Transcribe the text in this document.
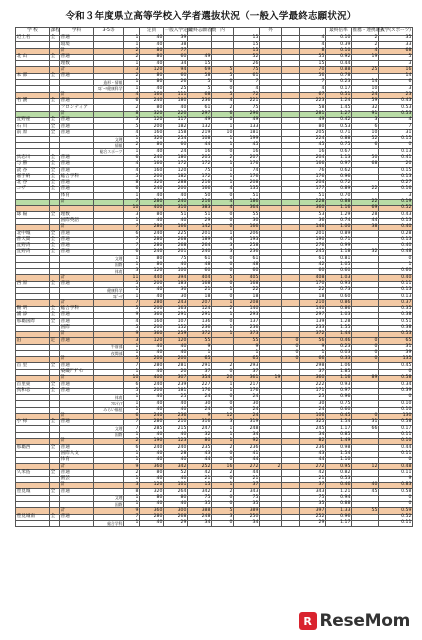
令和３年度県立高等学校入学者選抜状況（一般入学最終志願状況）
学 校	課程	学科	3-5等		定員	一般入学定員	最終志願者数	内		外			最終倍率	推薦・連携選抜	入学(スポーツ)
辺土名	全	普通		1	40	39			15			4	0.10	2	35
		環境		1	40	38			15			4	0.39	2	33
		計		2	80	77			15			8	0.10	4	68
北 山	全	普通		2	80	60	49		52			55	0.92	19	5
		理数		1	40	34	15		26			15	0.44		3
		計		3	120	94	69	5	75			70	0.88	25	16
本 部	全	普通		2	80	60	58	5	61			56	0.78		14
			造形・情報	1	80	26	5	0	7			7	0.23	14	6
			ｽﾎﾟｰﾂ健康科学	1	40	25	5	0	4			4	0.17	10	3
		計		4	160	111	68	5	72			67	0.51	24	23
名 護	全	普通		6	240	180	236	4	221			223	1.24	59	0.43
		フロンティア		2	80	40	61	2	75			58	1.45	32	0.53
		計		8	320	220	297	6	296			281	1.27	91	0.53
宜野座	全	普通		3	120	117	49	0	49			49	0.42	3	4
石 川	全	普通		5	200	182	132	1	133			80	0.53	6	7
前 原	全	普通		4	160	158	219	10	181			205	0.71	10	31
			文理	1	320	254	108	1	199			224	0.88	52	0.15
			情報	2	80	60	44	1	45			45	0.75	6	0
			総合スポーツ	1	40	24	16	0	16			16	0.67		0.13
具志川	全	普通		6	240	180	205	2	207			204	1.13	50	0.41
与 勝	全	普通		4	160	172	172	1	176			166	0.97	68	20
読 谷	全	普通		4	160	120	75	1	74			76	0.62		0.15
嘉手納	全	総合学科		5	200	182	172	1	176			176	0.96		0.13
北 谷	全	普通		8	320	288	216	1	208			204	0.72		0.27
コザ	全	普通		6	240	200	166	4	135			177	0.89	22	0.16
		体育		1	40	40	50	0	51			51	0.70		3
		計		7	280	240	216	4	186			228	0.88	22	0.19
				10	400	310	383	4	364			360	1.16	69	0.52
球 陽	全	理数		3	80	51	51	0	55			53	1.29	28	0.43
		国際英語		1	40	40	29	0	30			36	0.74	44	0.13
		計		7	280	166	142	0	166			146	1.00	38	0.40
北中城	全	普通		6	240	225	201	1	206			201	0.89		0.28
普天間	全	普通		7	280	268	189	4	193			190	0.71		0.13
宜野湾	全	普通		7	280	268	264	3	258			276	0.99		0.40
宜野湾	全	普通		6	240	201	240	3	236			245	1.18	32	0.48
			文理	1	80	75	61	0	61			61	0.81		0
			国際	1	80	40	48	0	48			42	1.05		1
			体育	3	120	100	60	0	60			60	0.60		0.60
		計		11	440	394	404	5	405			408	1.03		0.40
西 原	全	普通		5	200	183	168	0	168			170	0.93		0.11
			健康科学	1	40	30	21	1	22			22	0.73		0.13
			ｽﾎﾟｰﾂ	1	40	30	18	0	18			18	0.60		0.13
		計		7	280	243	207	1	208			210	0.86		0.37
陽 明	全	総合学科		5	200	163	124	2	140			140	0.86		0.35
浦 添	全	普通		9	360	291	291	1	293			297	1.03		0.38
那覇国際	全	普通		4	160	107	136	0	137			139	1.28		0.51
		国際		5	200	152	236	1	236			233	1.55		0.38
		計		9	360	259	372	1	373			372	1.44		0.53
泊	定	普通		3	120	120	55		55		0	56	0.46	0	65
			午前部	1	40	40	9		9		0	9	0.23	0	31
			夜間部	1	40	40	1		1		0	1	0.03	0	39
		計		5	200	200	65		65		0	66	0.33	0	135
首 里	全	普通		7	280	281	291	2	293			298	1.06		0.45
		染織ﾃﾞｻﾞｲﾝ		1	40	20	37	0	37			37	1.85		0
		計		10	400	307	354	20	361	19		360	1.16	89	0.58
首里東	全	普通		6	240	239	227	1	217			222	0.93		0.34
真和志	全	普通		5	200	181	176	1	176			171	0.97		0.39
			体育	1	40	25	24	0	24			25	0.96		0
			ﾌﾛﾝﾃｨｱ	1	40	40	30	0	30			30	0.75		0.10
			みらい福祉	1	40	40	24	0	24			24	0.60		0.10
		計		6	240	236	9	12	24			106	0.45	0	130
小 禄	全	普通		7	280	210	316	3	319			325	1.54	31	0.58
			文理	7	285	215	247	1	248			245	1.17	66	0.17
			国際	1	40	40	32	1	34			34	0.85		0.11
		計		2	190	123	80	1	92			82	1.49		0.10
那覇西	全	普通		6	240	240	235	2	236			236	0.98		0.44
		国際人文		1	40	28	43	0	41			43	1.54		0.11
		体育		1	40	40	44	0	44			44	1.10		0
		計		9	360	342	252	16	272	2		272	0.95	12	0.48
久米島	全	普通		2	80	52	42	2	44			42	0.82		0.11
		園芸		1	40	40	21	0	21			21	0.53		9
		計		3	120	101	15	1	37			37	0.46	40	0.83
豊見城	全	普通		8	320	264	342	2	343			343	1.21	45	0.58
			文理	1	80	80	75	0	75			75	0.94		0
			国際	1	40	40	35	0	35			35	0.88		0
		計		9	360	300	388	5	389			397	1.33	55	0.59
豊見城南	全	普通		7	280	268	248	3	250			252	0.96		0.52
			総合学科	1	40	29	34	0	34			29	1.17		0.11
R ReseMom
